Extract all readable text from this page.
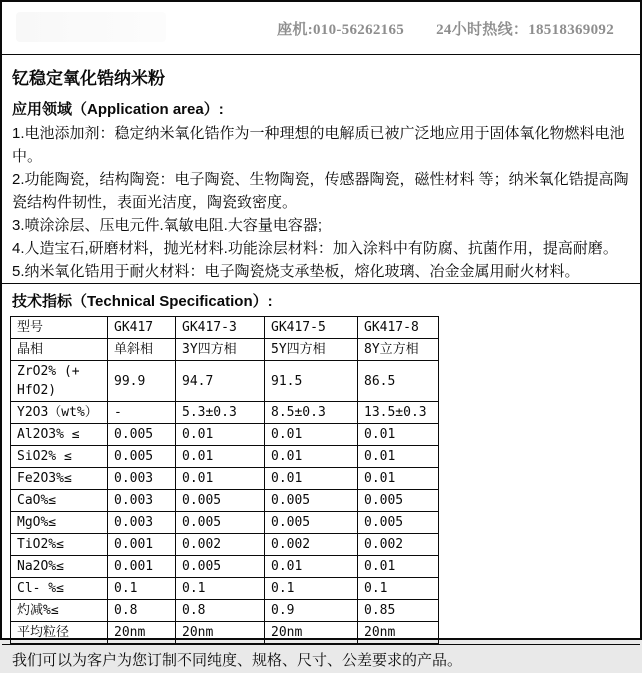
座机:010-56262165 24小时热线：18518369092
钇稳定氧化锆纳米粉
应用领域（Application area）:
1.电池添加剂：稳定纳米氧化锆作为一种理想的电解质已被广泛地应用于固体氧化物燃料电池中。
2.功能陶瓷，结构陶瓷：电子陶瓷、生物陶瓷，传感器陶瓷，磁性材料 等；纳米氧化锆提高陶瓷结构件韧性，表面光洁度，陶瓷致密度。
3.喷涂涂层、压电元件.氧敏电阻.大容量电容器;
4.人造宝石,研磨材料，抛光材料.功能涂层材料：加入涂料中有防腐、抗菌作用，提高耐磨。
5.纳米氧化锆用于耐火材料：电子陶瓷烧支承垫板，熔化玻璃、冶金金属用耐火材料。
技术指标（Technical Specification）:
型号	GK417	GK417-3	GK417-5	GK417-8
晶相	单斜相	3Y四方相	5Y四方相	8Y立方相
ZrO2% (+ HfO2)	99.9	94.7	91.5	86.5
Y2O3（wt%）	-	5.3±0.3	8.5±0.3	13.5±0.3
Al2O3% ≤	0.005	0.01	0.01	0.01
SiO2% ≤	0.005	0.01	0.01	0.01
Fe2O3%≤	0.003	0.01	0.01	0.01
CaO%≤	0.003	0.005	0.005	0.005
MgO%≤	0.003	0.005	0.005	0.005
TiO2%≤	0.001	0.002	0.002	0.002
Na2O%≤	0.001	0.005	0.01	0.01
Cl- %≤	0.1	0.1	0.1	0.1
灼减%≤	0.8	0.8	0.9	0.85
平均粒径	20nm	20nm	20nm	20nm
我们可以为客户为您订制不同纯度、规格、尺寸、公差要求的产品。
